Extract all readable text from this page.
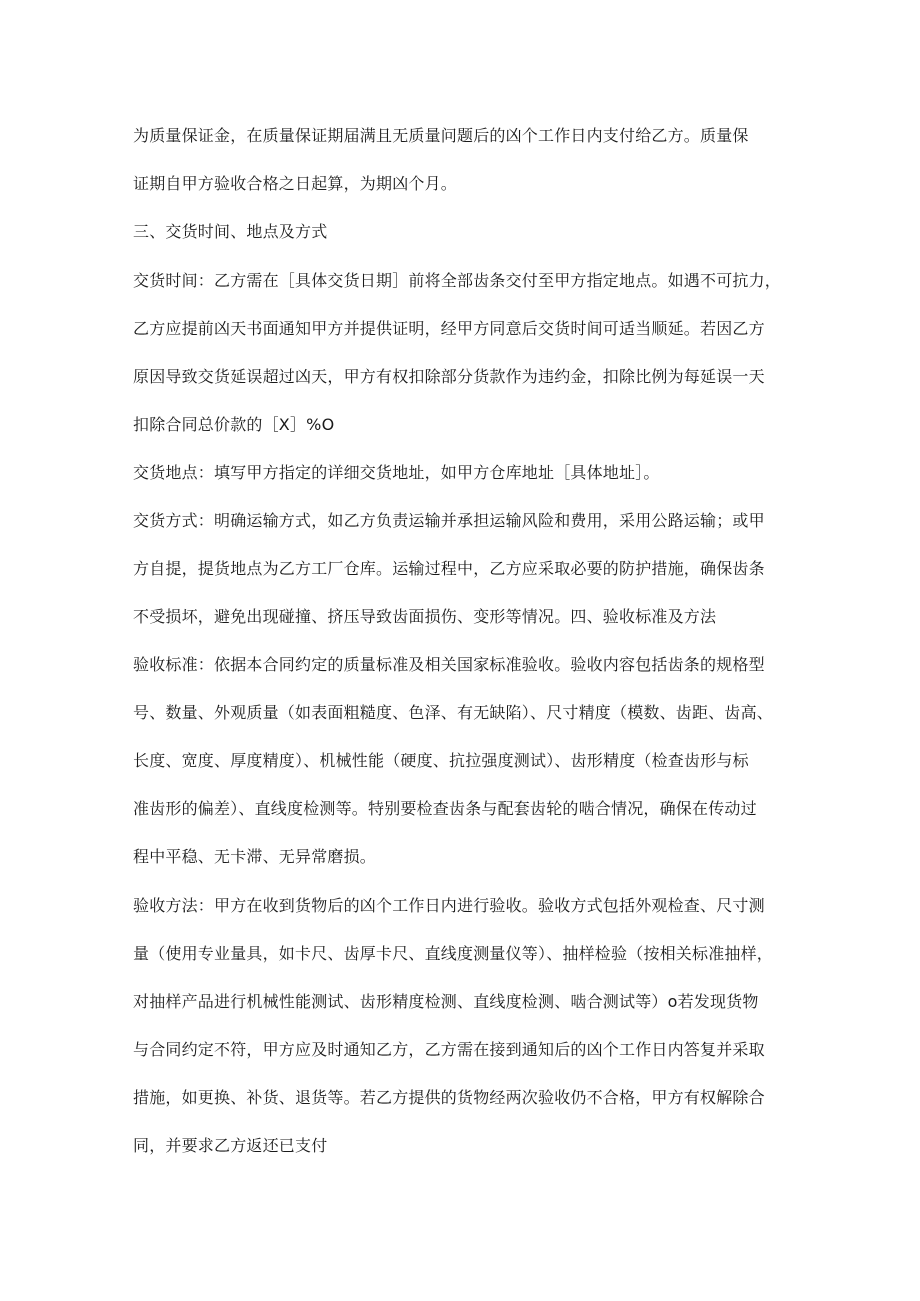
为质量保证金，在质量保证期届满且无质量问题后的凶个工作日内支付给乙方。质量保
证期自甲方验收合格之日起算，为期凶个月。
三、交货时间、地点及方式
交货时间：乙方需在［具体交货日期］前将全部齿条交付至甲方指定地点。如遇不可抗力，
乙方应提前凶天书面通知甲方并提供证明，经甲方同意后交货时间可适当顺延。若因乙方
原因导致交货延误超过凶天，甲方有权扣除部分货款作为违约金，扣除比例为每延误一天
扣除合同总价款的［X］%O
交货地点：填写甲方指定的详细交货地址，如甲方仓库地址［具体地址］。
交货方式：明确运输方式，如乙方负责运输并承担运输风险和费用，采用公路运输；或甲
方自提，提货地点为乙方工厂仓库。运输过程中，乙方应采取必要的防护措施，确保齿条
不受损坏，避免出现碰撞、挤压导致齿面损伤、变形等情况。四、验收标准及方法
验收标准：依据本合同约定的质量标准及相关国家标准验收。验收内容包括齿条的规格型
号、数量、外观质量（如表面粗糙度、色泽、有无缺陷）、尺寸精度（模数、齿距、齿高、
长度、宽度、厚度精度）、机械性能（硬度、抗拉强度测试）、齿形精度（检查齿形与标
准齿形的偏差）、直线度检测等。特别要检查齿条与配套齿轮的啮合情况，确保在传动过
程中平稳、无卡滞、无异常磨损。
验收方法：甲方在收到货物后的凶个工作日内进行验收。验收方式包括外观检查、尺寸测
量（使用专业量具，如卡尺、齿厚卡尺、直线度测量仪等）、抽样检验（按相关标准抽样，
对抽样产品进行机械性能测试、齿形精度检测、直线度检测、啮合测试等）o若发现货物
与合同约定不符，甲方应及时通知乙方，乙方需在接到通知后的凶个工作日内答复并采取
措施，如更换、补货、退货等。若乙方提供的货物经两次验收仍不合格，甲方有权解除合
同，并要求乙方返还已支付
